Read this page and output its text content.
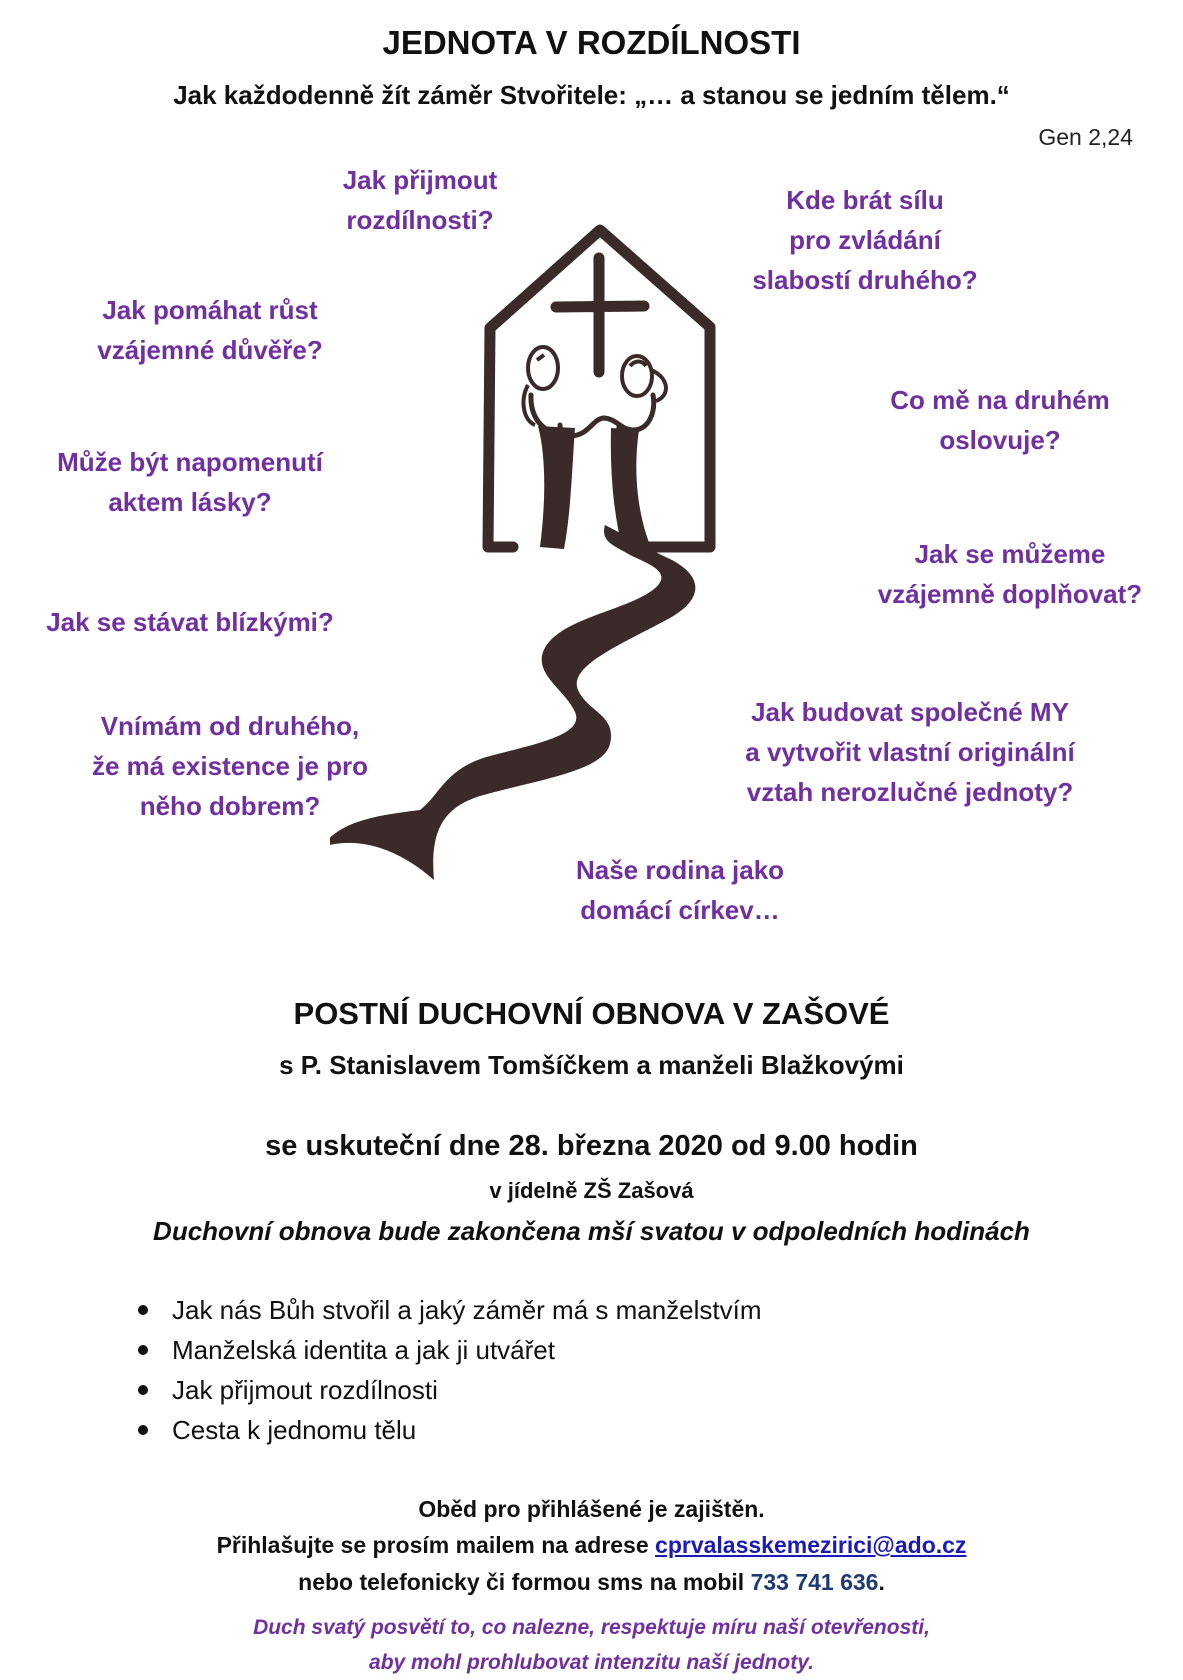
JEDNOTA V ROZDÍLNOSTI
Jak každodenně žít záměr Stvořitele: „… a stanou se jedním tělem.“
Gen 2,24
Jak přijmout
rozdílnosti?
Kde brát sílu
pro zvládání
slabostí druhého?
Jak pomáhat růst
vzájemné důvěře?
Co mě na druhém
oslovuje?
Může být napomenutí
aktem lásky?
Jak se můžeme
vzájemně doplňovat?
Jak se stávat blízkými?
Jak budovat společné MY
a vytvořit vlastní originální
vztah nerozlučné jednoty?
Vnímám od druhého,
že má existence je pro
něho dobrem?
Naše rodina jako
domácí církev…
POSTNÍ DUCHOVNÍ OBNOVA V ZAŠOVÉ
s P. Stanislavem Tomšíčkem a manželi Blažkovými
se uskuteční dne 28. března 2020 od 9.00 hodin
v jídelně ZŠ Zašová
Duchovní obnova bude zakončena mší svatou v odpoledních hodinách
Jak nás Bůh stvořil a jaký záměr má s manželstvím
Manželská identita a jak ji utvářet
Jak přijmout rozdílnosti
Cesta k jednomu tělu
Oběd pro přihlášené je zajištěn.
Přihlašujte se prosím mailem na adrese cprvalasskemezirici@ado.cz
nebo telefonicky či formou sms na mobil 733 741 636.
Duch svatý posvětí to, co nalezne, respektuje míru naší otevřenosti,
aby mohl prohlubovat intenzitu naší jednoty.
